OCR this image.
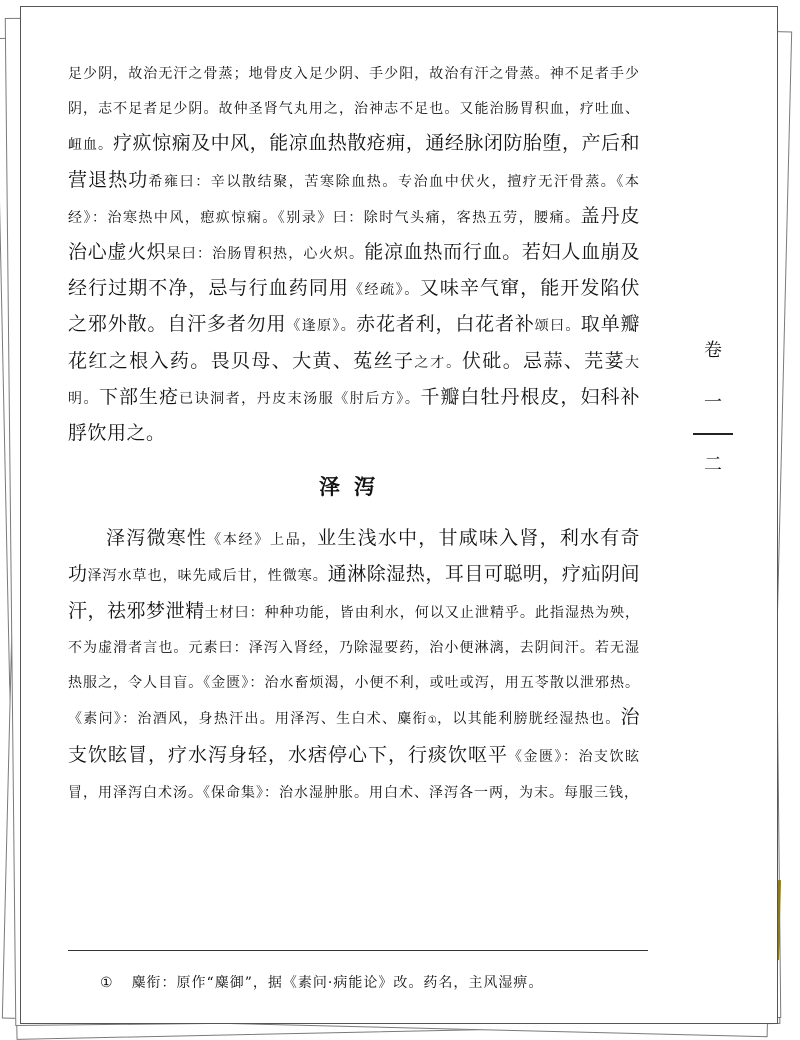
足少阴，故治无汗之骨蒸；地骨皮入足少阴、手少阳，故治有汗之骨蒸。神不足者手少阴，志不足者足少阴。故仲圣肾气丸用之，治神志不足也。又能治肠胃积血，疗吐血、衄血。疗疭惊痫及中风，能凉血热散疮痈，通经脉闭防胎堕，产后和营退热功希雍曰：辛以散结聚，苦寒除血热。专治血中伏火，擅疗无汗骨蒸。《本经》：治寒热中风，瘛疭惊痫。《别录》曰：除时气头痛，客热五劳，腰痛。盖丹皮治心虚火炽杲曰：治肠胃积热，心火炽。能凉血热而行血。若妇人血崩及经行过期不净，忌与行血药同用《经疏》。又味辛气窜，能开发陷伏之邪外散。自汗多者勿用《逢原》。赤花者利，白花者补颂曰。取单瓣花红之根入药。畏贝母、大黄、菟丝子之才。伏砒。忌蒜、芫荽大明。下部生疮已诀洞者，丹皮末汤服《肘后方》。千瓣白牡丹根皮，妇科补脬饮用之。

泽泻

泽泻微寒性《本经》上品，业生浅水中，甘咸味入肾，利水有奇功泽泻水草也，味先咸后甘，性微寒。通淋除湿热，耳目可聪明，疗疝阴间汗，祛邪梦泄精士材曰：种种功能，皆由利水，何以又止泄精乎。此指湿热为殃，不为虚滑者言也。元素曰：泽泻入肾经，乃除湿要药，治小便淋漓，去阴间汗。若无湿热服之，令人目盲。《金匮》：治水畜烦渴，小便不利，或吐或泻，用五苓散以泄邪热。《素问》：治酒风，身热汗出。用泽泻、生白术、麋衔①，以其能利膀胱经湿热也。治支饮眩冒，疗水泻身轻，水痞停心下，行痰饮呕平《金匮》：治支饮眩冒，用泽泻白术汤。《保命集》：治水湿肿胀。用白术、泽泻各一两，为末。每服三钱，

① 麋衔：原作“麋御”，据《素问·病能论》改。药名，主风湿痹。
卷
一
二
